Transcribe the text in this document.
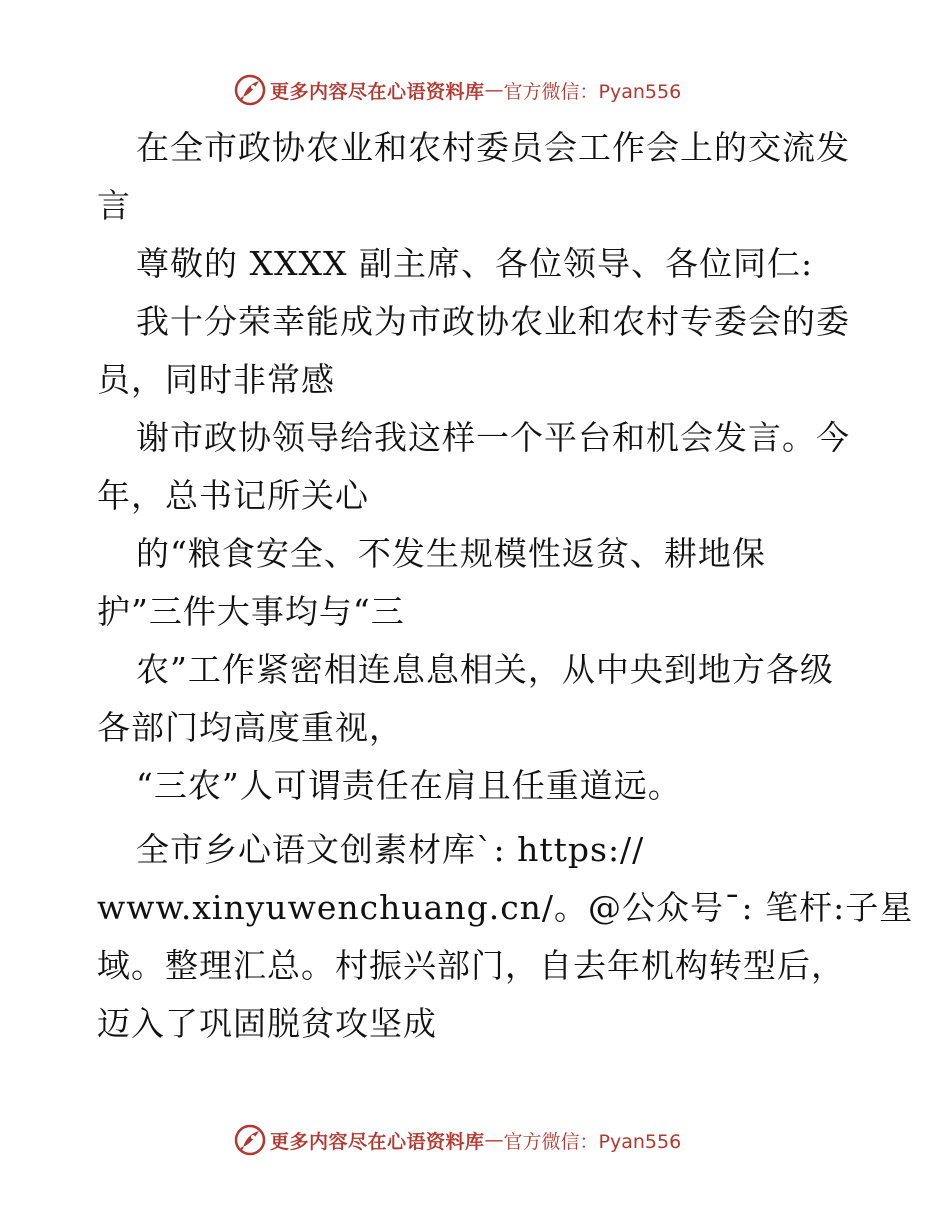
更多内容尽在心语资料库 — 官方微信：Pyan556
在全市政协农业和农村委员会工作会上的交流发
言
尊敬的 XXXX 副主席、各位领导、各位同仁:
我十分荣幸能成为市政协农业和农村专委会的委
员，同时非常感
谢市政协领导给我这样一个平台和机会发言。今
年，总书记所关心
的“粮食安全、不发生规模性返贫、耕地保
护”三件大事均与“三
农”工作紧密相连息息相关，从中央到地方各级
各部门均高度重视，
“三农”人可谓责任在肩且任重道远。
全市乡心语文创素材库`: https://
www.xinyuwenchuang.cn/。@公众号¯: 笔杆:子星
域。整理汇总。村振兴部门，自去年机构转型后，
迈入了巩固脱贫攻坚成
更多内容尽在心语资料库 — 官方微信：Pyan556
